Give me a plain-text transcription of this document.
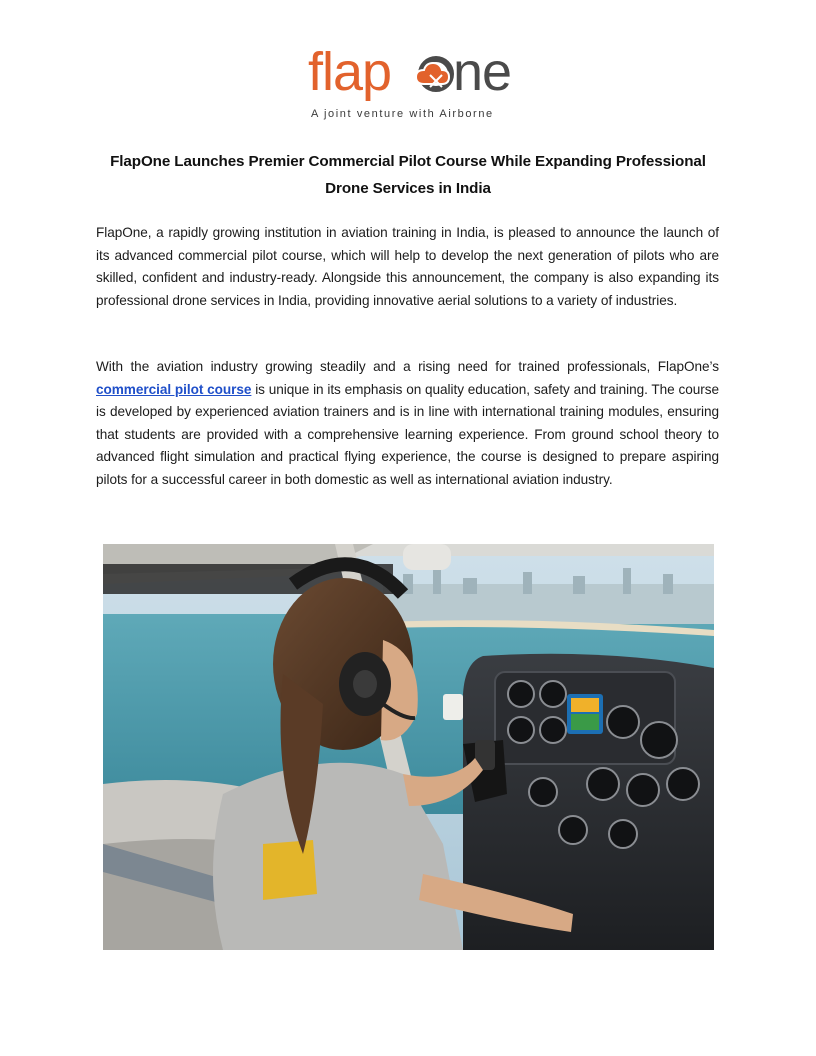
flap ne
A joint venture with Airborne
FlapOne Launches Premier Commercial Pilot Course While Expanding Professional Drone Services in India
FlapOne, a rapidly growing institution in aviation training in India, is pleased to announce the launch of its advanced commercial pilot course, which will help to develop the next generation of pilots who are skilled, confident and industry-ready. Alongside this announcement, the company is also expanding its professional drone services in India, providing innovative aerial solutions to a variety of industries.
With the aviation industry growing steadily and a rising need for trained professionals, FlapOne’s commercial pilot course is unique in its emphasis on quality education, safety and training. The course is developed by experienced aviation trainers and is in line with international training modules, ensuring that students are provided with a comprehensive learning experience. From ground school theory to advanced flight simulation and practical flying experience, the course is designed to prepare aspiring pilots for a successful career in both domestic as well as international aviation industry.
